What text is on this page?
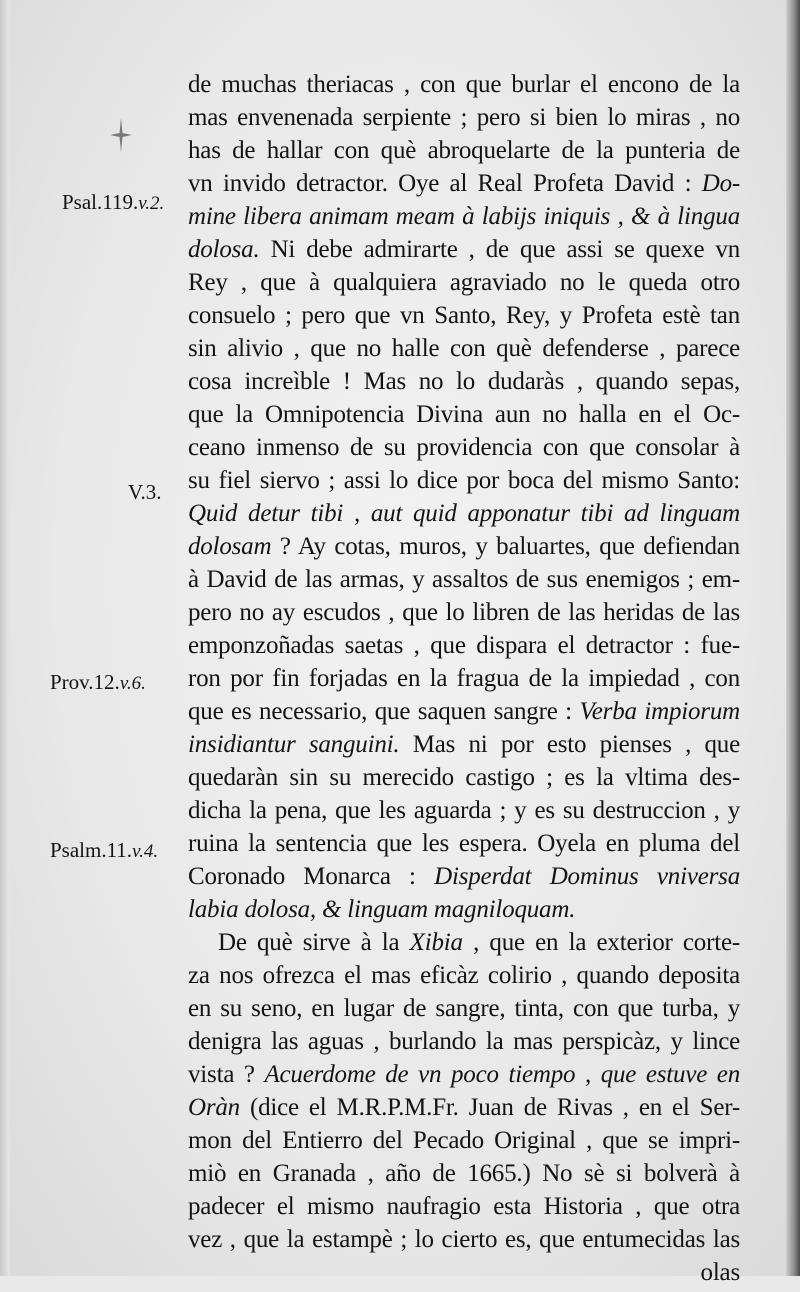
Psal.119.v.2.
V.3.
Prov.12.v.6.
Psalm.11.v.4.
de muchas theriacas , con que burlar el encono de la
mas envenenada serpiente ; pero si bien lo miras , no
has de hallar con què abroquelarte de la punteria de
vn invido detractor. Oye al Real Profeta David : Do-
mine libera animam meam à labijs iniquis , & à lingua
dolosa. Ni debe admirarte , de que assi se quexe vn
Rey , que à qualquiera agraviado no le queda otro
consuelo ; pero que vn Santo, Rey, y Profeta estè tan
sin alivio , que no halle con què defenderse , parece
cosa increìble ! Mas no lo dudaràs , quando sepas,
que la Omnipotencia Divina aun no halla en el Oc-
ceano inmenso de su providencia con que consolar à
su fiel siervo ; assi lo dice por boca del mismo Santo:
Quid detur tibi , aut quid apponatur tibi ad linguam
dolosam ? Ay cotas, muros, y baluartes, que defiendan
à David de las armas, y assaltos de sus enemigos ; em-
pero no ay escudos , que lo libren de las heridas de las
emponzoñadas saetas , que dispara el detractor : fue-
ron por fin forjadas en la fragua de la impiedad , con
que es necessario, que saquen sangre : Verba impiorum
insidiantur sanguini. Mas ni por esto pienses , que
quedaràn sin su merecido castigo ; es la vltima des-
dicha la pena, que les aguarda ; y es su destruccion , y
ruina la sentencia que les espera. Oyela en pluma del
Coronado Monarca : Disperdat Dominus vniversa
labia dolosa, & linguam magniloquam.
De què sirve à la Xibia , que en la exterior corte-
za nos ofrezca el mas eficàz colirio , quando deposita
en su seno, en lugar de sangre, tinta, con que turba, y
denigra las aguas , burlando la mas perspicàz, y lince
vista ? Acuerdome de vn poco tiempo , que estuve en
Oràn (dice el M.R.P.M.Fr. Juan de Rivas , en el Ser-
mon del Entierro del Pecado Original , que se impri-
miò en Granada , año de 1665.) No sè si bolverà à
padecer el mismo naufragio esta Historia , que otra
vez , que la estampè ; lo cierto es, que entumecidas las
olas
